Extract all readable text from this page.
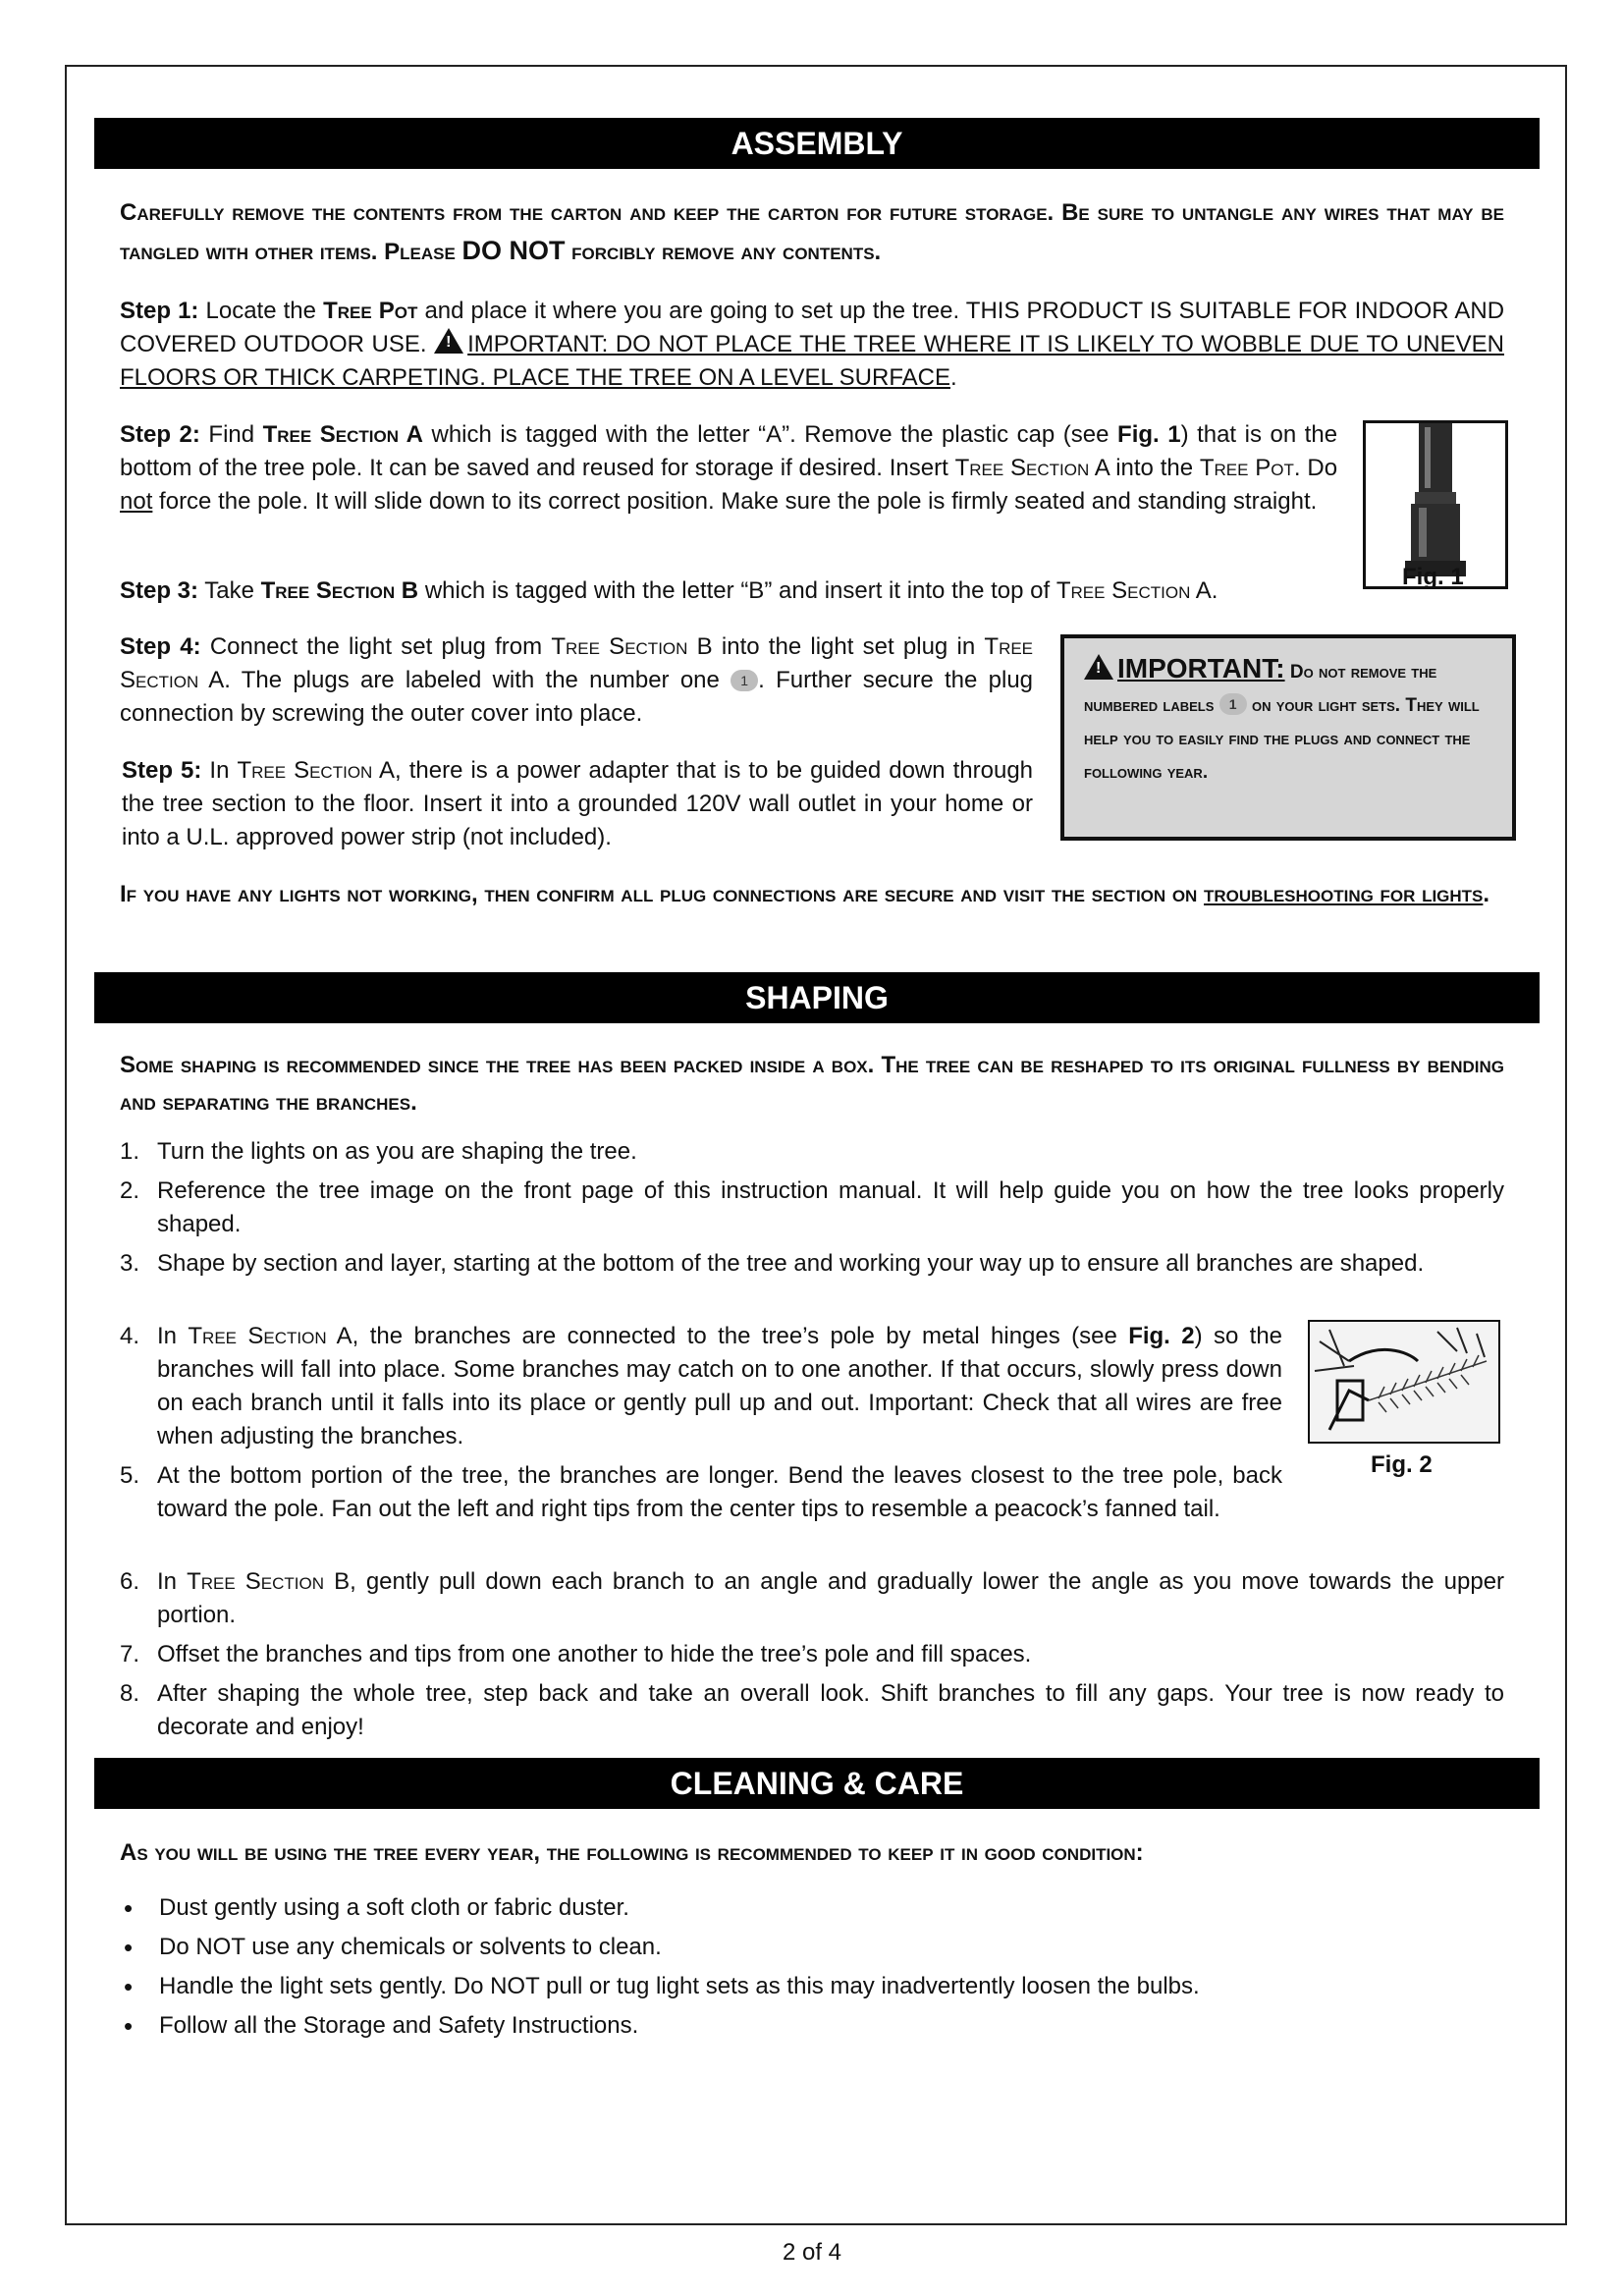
ASSEMBLY
Carefully remove the contents from the carton and keep the carton for future storage. Be sure to untangle any wires that may be tangled with other items. Please DO NOT forcibly remove any contents.
Step 1: Locate the Tree Pot and place it where you are going to set up the tree. THIS PRODUCT IS SUITABLE FOR INDOOR AND COVERED OUTDOOR USE. ! IMPORTANT: DO NOT PLACE THE TREE WHERE IT IS LIKELY TO WOBBLE DUE TO UNEVEN FLOORS OR THICK CARPETING. PLACE THE TREE ON A LEVEL SURFACE.
Step 2: Find Tree Section A which is tagged with the letter “A”. Remove the plastic cap (see Fig. 1) that is on the bottom of the tree pole. It can be saved and reused for storage if desired. Insert Tree Section A into the Tree Pot. Do not force the pole. It will slide down to its correct position. Make sure the pole is firmly seated and standing straight.
Step 3: Take Tree Section B which is tagged with the letter “B” and insert it into the top of Tree Section A.
Fig. 1
Step 4: Connect the light set plug from Tree Section B into the light set plug in Tree Section A. The plugs are labeled with the number one 1 . Further secure the plug connection by screwing the outer cover into place.
Step 5: In Tree Section A, there is a power adapter that is to be guided down through the tree section to the floor. Insert it into a grounded 120V wall outlet in your home or into a U.L. approved power strip (not included).
! IMPORTANT: Do not remove the numbered labels 1 on your light sets. They will help you to easily find the plugs and connect the following year.
If you have any lights not working, then confirm all plug connections are secure and visit the section on troubleshooting for lights.
SHAPING
Some shaping is recommended since the tree has been packed inside a box. The tree can be reshaped to its original fullness by bending and separating the branches.
1. Turn the lights on as you are shaping the tree.
2. Reference the tree image on the front page of this instruction manual. It will help guide you on how the tree looks properly shaped.
3. Shape by section and layer, starting at the bottom of the tree and working your way up to ensure all branches are shaped.
4. In Tree Section A, the branches are connected to the tree’s pole by metal hinges (see Fig. 2) so the branches will fall into place. Some branches may catch on to one another. If that occurs, slowly press down on each branch until it falls into its place or gently pull up and out. Important: Check that all wires are free when adjusting the branches.
5. At the bottom portion of the tree, the branches are longer. Bend the leaves closest to the tree pole, back toward the pole. Fan out the left and right tips from the center tips to resemble a peacock’s fanned tail.
6. In Tree Section B, gently pull down each branch to an angle and gradually lower the angle as you move towards the upper portion.
7. Offset the branches and tips from one another to hide the tree’s pole and fill spaces.
8. After shaping the whole tree, step back and take an overall look. Shift branches to fill any gaps. Your tree is now ready to decorate and enjoy!
Fig. 2
CLEANING & CARE
As you will be using the tree every year, the following is recommended to keep it in good condition:
• Dust gently using a soft cloth or fabric duster.
• Do NOT use any chemicals or solvents to clean.
• Handle the light sets gently. Do NOT pull or tug light sets as this may inadvertently loosen the bulbs.
• Follow all the Storage and Safety Instructions.
2 of 4
